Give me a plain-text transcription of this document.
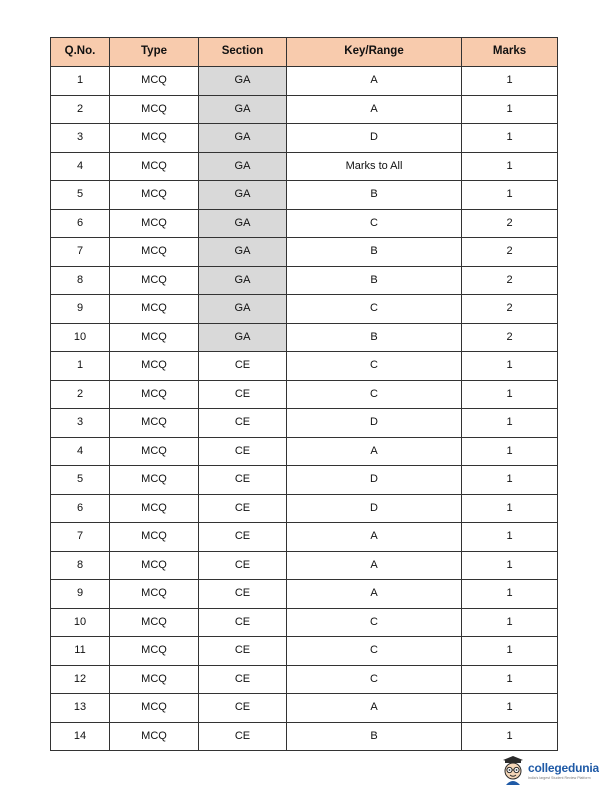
Q.No.	Type	Section	Key/Range	Marks
1	MCQ	GA	A	1
2	MCQ	GA	A	1
3	MCQ	GA	D	1
4	MCQ	GA	Marks to All	1
5	MCQ	GA	B	1
6	MCQ	GA	C	2
7	MCQ	GA	B	2
8	MCQ	GA	B	2
9	MCQ	GA	C	2
10	MCQ	GA	B	2
1	MCQ	CE	C	1
2	MCQ	CE	C	1
3	MCQ	CE	D	1
4	MCQ	CE	A	1
5	MCQ	CE	D	1
6	MCQ	CE	D	1
7	MCQ	CE	A	1
8	MCQ	CE	A	1
9	MCQ	CE	A	1
10	MCQ	CE	C	1
11	MCQ	CE	C	1
12	MCQ	CE	C	1
13	MCQ	CE	A	1
14	MCQ	CE	B	1
collegedunia
India's largest Student Review Platform
